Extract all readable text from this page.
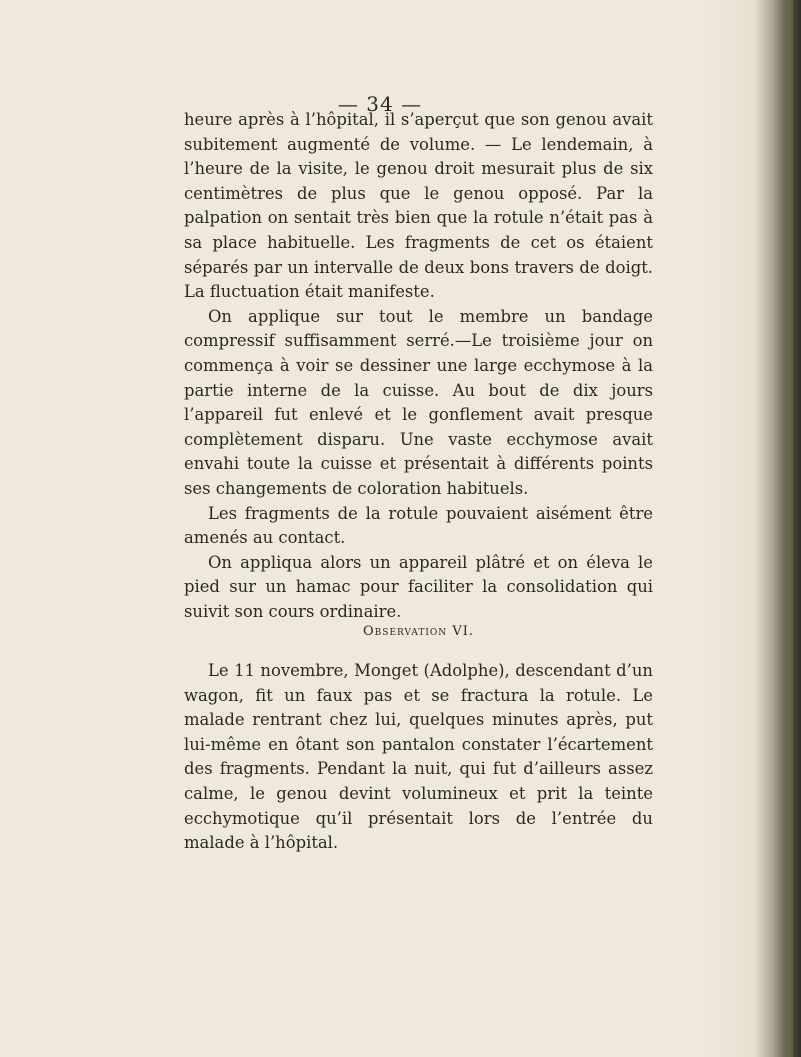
— 34 —

heure après à l’hôpital, il s’aperçut que son genou avait subitement augmenté de volume. — Le lendemain, à l’heure de la visite, le genou droit mesurait plus de six centimètres de plus que le genou opposé. Par la palpation on sentait très bien que la rotule n’était pas à sa place habituelle. Les fragments de cet os étaient séparés par un intervalle de deux bons travers de doigt. La fluctuation était manifeste.

On applique sur tout le membre un bandage compressif suffisamment serré.—Le troisième jour on commença à voir se dessiner une large ecchymose à la partie interne de la cuisse. Au bout de dix jours l’appareil fut enlevé et le gonflement avait presque complètement disparu. Une vaste ecchymose avait envahi toute la cuisse et présentait à différents points ses changements de coloration habituels.

Les fragments de la rotule pouvaient aisément être amenés au contact.

On appliqua alors un appareil plâtré et on éleva le pied sur un hamac pour faciliter la consolidation qui suivit son cours ordinaire.

Observation VI.

Le 11 novembre, Monget (Adolphe), descendant d’un wagon, fit un faux pas et se fractura la rotule. Le malade rentrant chez lui, quelques minutes après, put lui-même en ôtant son pantalon constater l’écartement des fragments. Pendant la nuit, qui fut d’ailleurs assez calme, le genou devint volumineux et prit la teinte ecchymotique qu’il présentait lors de l’entrée du malade à l’hôpital.
